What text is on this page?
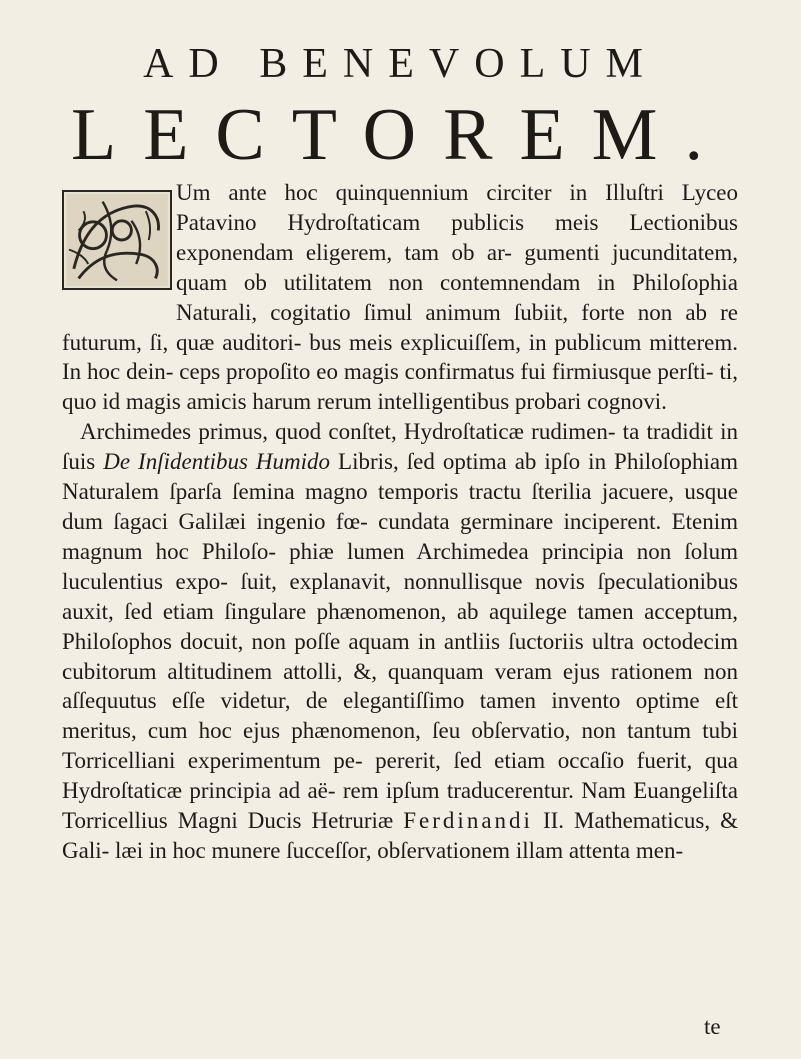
AD BENEVOLUM
LECTOREM.

Um ante hoc quinquennium circiter in Illuſtri Lyceo Patavino Hydroſtaticam publicis meis Lectionibus exponendam eligerem, tam ob ar- gumenti jucunditatem, quam ob utilitatem non contemnendam in Philoſophia Naturali, cogitatio ſimul animum ſubiit, forte non ab re futurum, ſi, quæ auditori- bus meis explicuiſſem, in publicum mitterem. In hoc dein- ceps propoſito eo magis confirmatus fui firmiusque perſti- ti, quo id magis amicis harum rerum intelligentibus probari cognovi.

Archimedes primus, quod conſtet, Hydroſtaticæ rudimen- ta tradidit in ſuis De Inſidentibus Humido Libris, ſed optima ab ipſo in Philoſophiam Naturalem ſparſa ſemina magno temporis tractu ſterilia jacuere, usque dum ſagaci Galilæi ingenio fœ- cundata germinare inciperent. Etenim magnum hoc Philoſo- phiæ lumen Archimedea principia non ſolum luculentius expo- ſuit, explanavit, nonnullisque novis ſpeculationibus auxit, ſed etiam ſingulare phænomenon, ab aquilege tamen acceptum, Philoſophos docuit, non poſſe aquam in antliis ſuctoriis ultra octodecim cubitorum altitudinem attolli, &, quanquam veram ejus rationem non aſſequutus eſſe videtur, de elegantiſſimo tamen invento optime eſt meritus, cum hoc ejus phænomenon, ſeu obſervatio, non tantum tubi Torricelliani experimentum pe- pererit, ſed etiam occaſio fuerit, qua Hydroſtaticæ principia ad aë- rem ipſum traducerentur. Nam Euangeliſta Torricellius Magni Ducis Hetruriæ Ferdinandi II. Mathematicus, & Gali- læi in hoc munere ſucceſſor, obſervationem illam attenta men-

te
